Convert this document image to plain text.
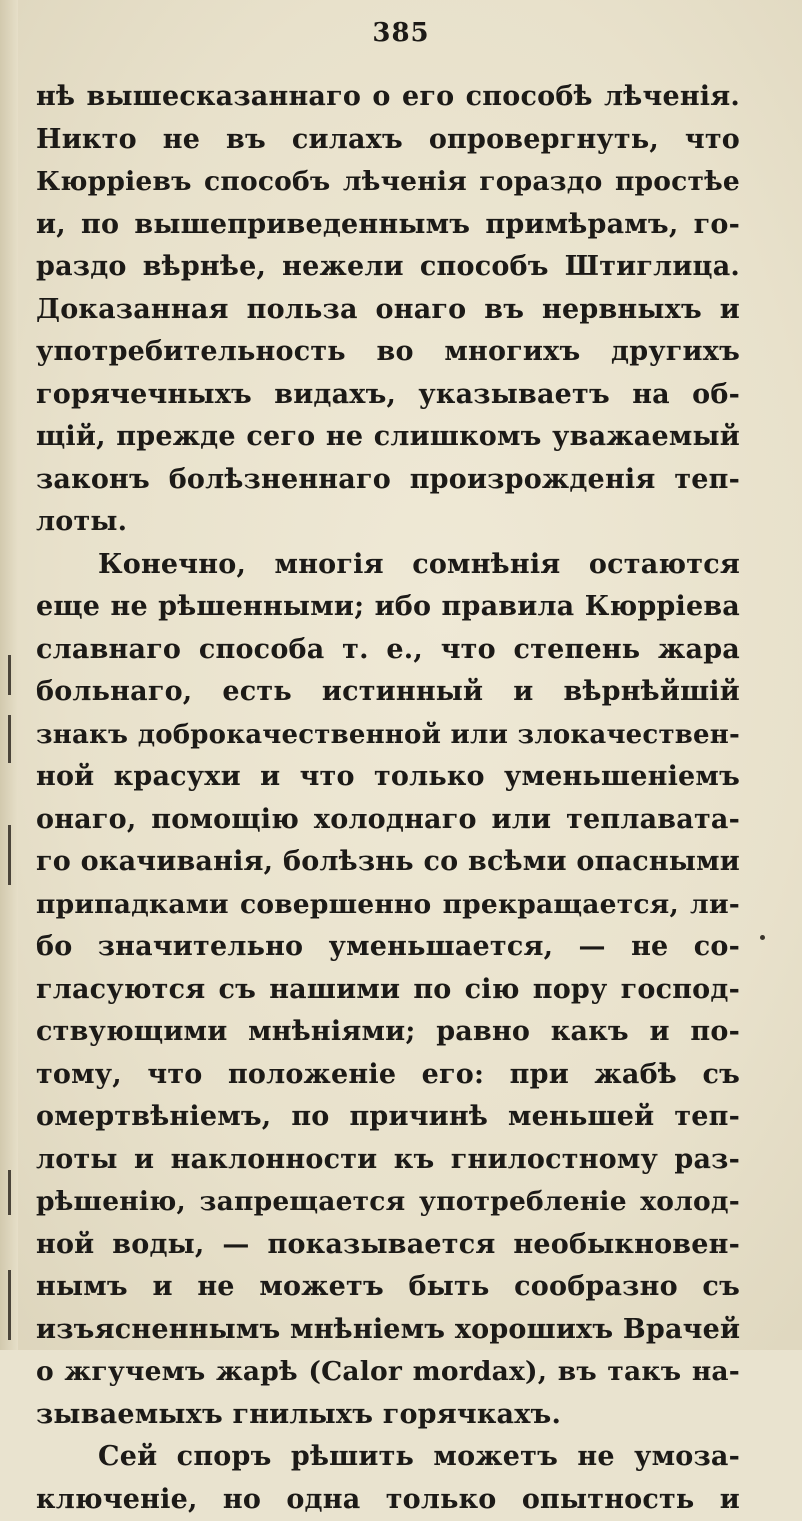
385
нѣ вышесказаннаго о его способѣ лѣченія.
Никто не въ силахъ опровергнуть, что
Кюрріевъ способъ лѣченія гораздо простѣе
и, по вышеприведеннымъ примѣрамъ, го-
раздо вѣрнѣе, нежели способъ Штиглица.
Доказанная польза онаго въ нервныхъ и
употребительность во многихъ другихъ
горячечныхъ видахъ, указываетъ на об-
щій, прежде сего не слишкомъ уважаемый
законъ болѣзненнаго произрожденія теп-
лоты.
Конечно, многія сомнѣнія остаются
еще не рѣшенными; ибо правила Кюрріева
славнаго способа т. е., что степень жара
больнаго, есть истинный и вѣрнѣйшій
знакъ доброкачественной или злокачествен-
ной красухи и что только уменьшеніемъ
онаго, помощію холоднаго или теплавата-
го окачиванія, болѣзнь со всѣми опасными
припадками совершенно прекращается, ли-
бо значительно уменьшается, — не со-
гласуются съ нашими по сію пору господ-
ствующими мнѣніями; равно какъ и по-
тому, что положеніе его: при жабѣ съ
омертвѣніемъ, по причинѣ меньшей теп-
лоты и наклонности къ гнилостному раз-
рѣшенію, запрещается употребленіе холод-
ной воды, — показывается необыкновен-
нымъ и не можетъ быть сообразно съ
изъясненнымъ мнѣніемъ хорошихъ Врачей
о жгучемъ жарѣ (Calor mordax), въ такъ на-
зываемыхъ гнилыхъ горячкахъ.
Сей споръ рѣшить можетъ не умоза-
ключеніе, но одна только опытность и
